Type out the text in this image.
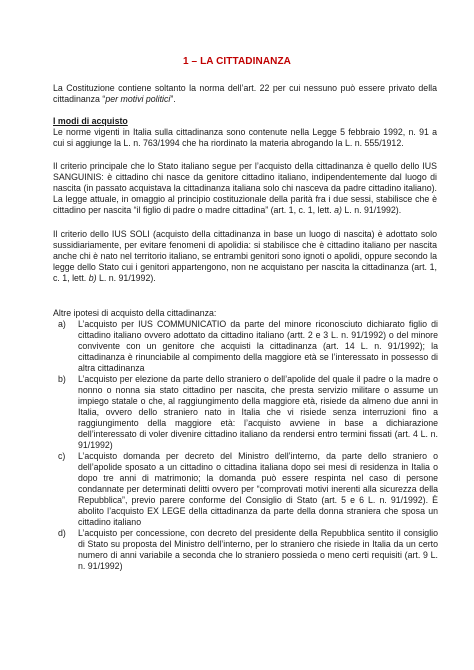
1 – LA CITTADINANZA

La Costituzione contiene soltanto la norma dell’art. 22 per cui nessuno può essere privato della cittadinanza “per motivi politici”.

I modi di acquisto

Le norme vigenti in Italia sulla cittadinanza sono contenute nella Legge 5 febbraio 1992, n. 91 a cui si aggiunge la L. n. 763/1994 che ha riordinato la materia abrogando la L. n. 555/1912.

Il criterio principale che lo Stato italiano segue per l’acquisto della cittadinanza è quello dello IUS SANGUINIS: è cittadino chi nasce da genitore cittadino italiano, indipendentemente dal luogo di nascita (in passato acquistava la cittadinanza italiana solo chi nasceva da padre cittadino italiano). La legge attuale, in omaggio al principio costituzionale della parità fra i due sessi, stabilisce che è cittadino per nascita “il figlio di padre o madre cittadina” (art. 1, c. 1, lett. a) L. n. 91/1992).

Il criterio dello IUS SOLI (acquisto della cittadinanza in base un luogo di nascita) è adottato solo sussidiariamente, per evitare fenomeni di apolidia: si stabilisce che è cittadino italiano per nascita anche chi è nato nel territorio italiano, se entrambi genitori sono ignoti o apolidi, oppure secondo la legge dello Stato cui i genitori appartengono, non ne acquistano per nascita la cittadinanza (art. 1, c. 1, lett. b) L. n. 91/1992).

Altre ipotesi di acquisto della cittadinanza:

a) L’acquisto per IUS COMMUNICATIO da parte del minore riconosciuto dichiarato figlio di cittadino italiano ovvero adottato da cittadino italiano (artt. 2 e 3 L. n. 91/1992) o del minore convivente con un genitore che acquisti la cittadinanza (art. 14 L. n. 91/1992); la cittadinanza è rinunciabile al compimento della maggiore età se l’interessato in possesso di altra cittadinanza
b) L’acquisto per elezione da parte dello straniero o dell’apolide del quale il padre o la madre o nonno o nonna sia stato cittadino per nascita, che presta servizio militare o assume un impiego statale o che, al raggiungimento della maggiore età, risiede da almeno due anni in Italia, ovvero dello straniero nato in Italia che vi risiede senza interruzioni fino a raggiungimento della maggiore età: l’acquisto avviene in base a dichiarazione dell’interessato di voler divenire cittadino italiano da rendersi entro termini fissati (art. 4 L. n. 91/1992)
c) L’acquisto domanda per decreto del Ministro dell’interno, da parte dello straniero o dell’apolide sposato a un cittadino o cittadina italiana dopo sei mesi di residenza in Italia o dopo tre anni di matrimonio; la domanda può essere respinta nel caso di persone condannate per determinati delitti ovvero per “comprovati motivi inerenti alla sicurezza della Repubblica”, previo parere conforme del Consiglio di Stato (art. 5 e 6 L. n. 91/1992). È abolito l’acquisto EX LEGE della cittadinanza da parte della donna straniera che sposa un cittadino italiano
d) L’acquisto per concessione, con decreto del presidente della Repubblica sentito il consiglio di Stato su proposta del Ministro dell’interno, per lo straniero che risiede in Italia da un certo numero di anni variabile a seconda che lo straniero possieda o meno certi requisiti (art. 9 L. n. 91/1992)
